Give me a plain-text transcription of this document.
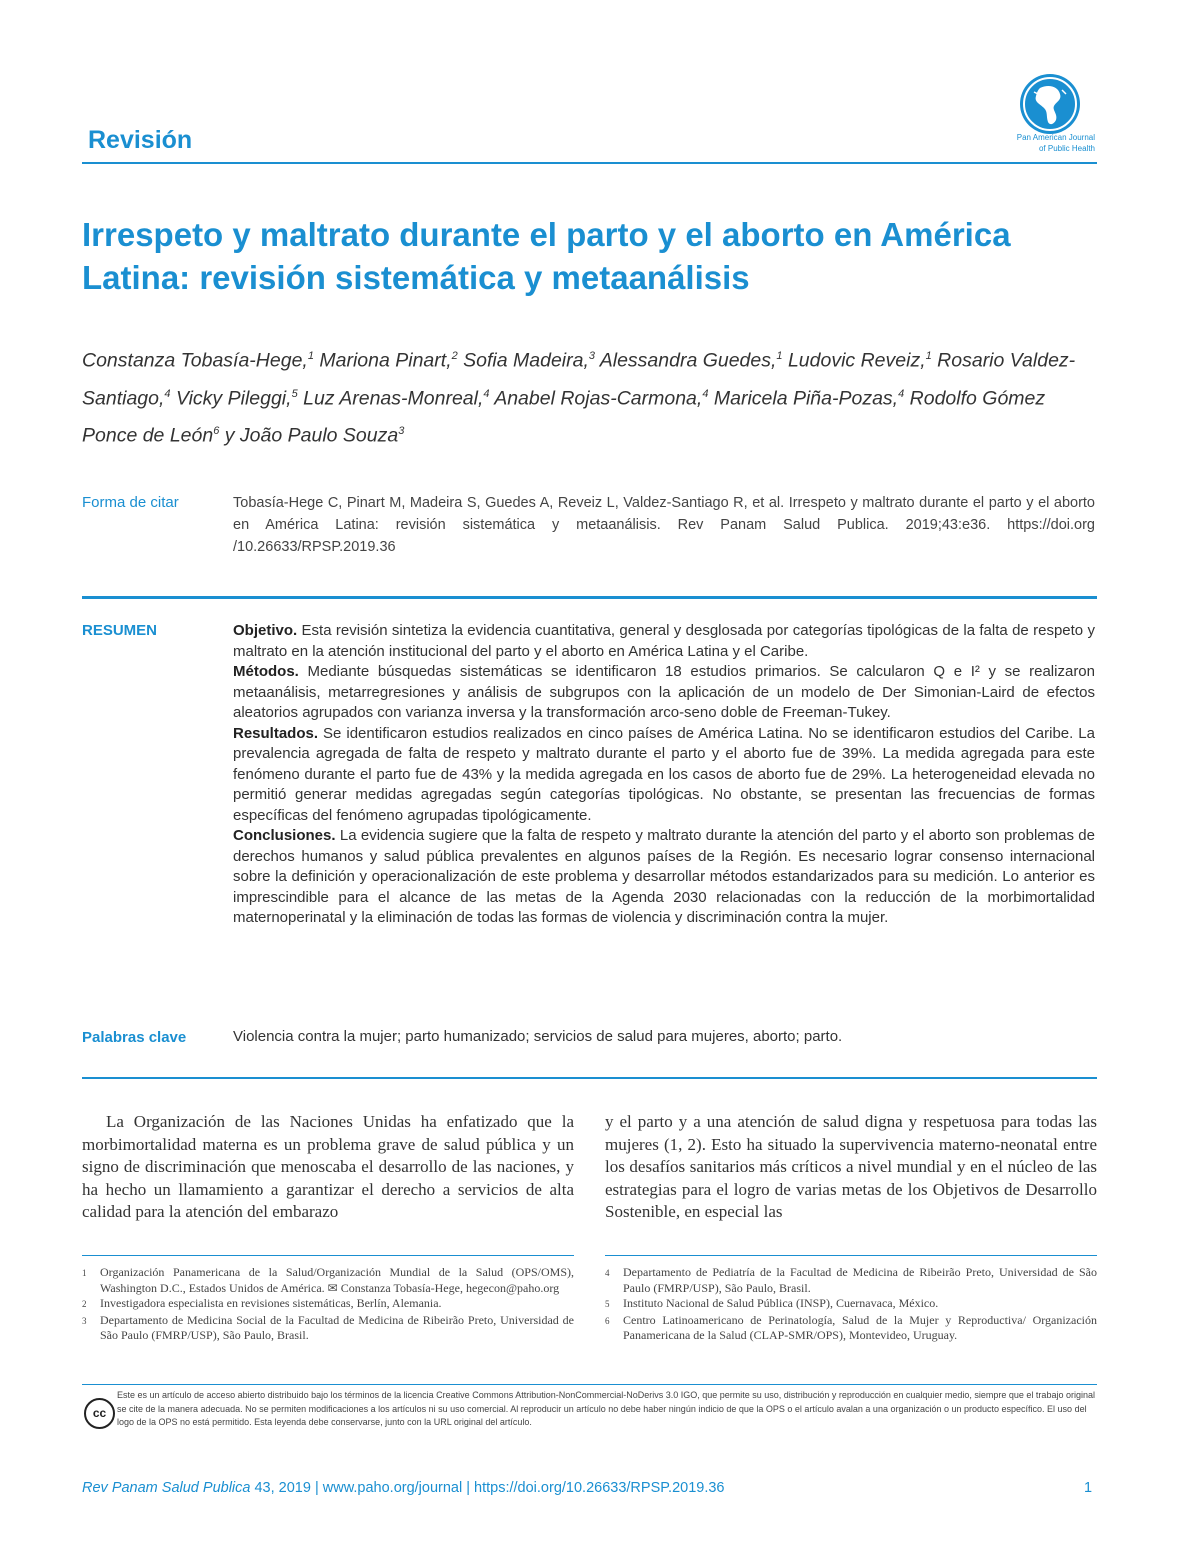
Revisión	Pan American Journal
of Public Health
Irrespeto y maltrato durante el parto y el aborto en América Latina: revisión sistemática y metaanálisis
Constanza Tobasía-Hege,$^1$ Mariona Pinart,$^2$ Sofia Madeira,$^3$ Alessandra Guedes,$^1$ Ludovic Reveiz,$^1$ Rosario Valdez-Santiago,$^4$ Vicky Pileggi,$^5$ Luz Arenas-Monreal,$^4$ Anabel Rojas-Carmona,$^4$ Maricela Piña-Pozas,$^4$ Rodolfo Gómez Ponce de León$^6$ y João Paulo Souza$^3$
Forma de citar	Tobasía-Hege C, Pinart M, Madeira S, Guedes A, Reveiz L, Valdez-Santiago R, et al. Irrespeto y maltrato durante el parto y el aborto en América Latina: revisión sistemática y metaanálisis. Rev Panam Salud Publica. 2019;43:e36. https://doi.org /10.26633/RPSP.2019.36
RESUMEN	Objetivo. Esta revisión sintetiza la evidencia cuantitativa, general y desglosada por categorías tipológicas de la falta de respeto y maltrato en la atención institucional del parto y el aborto en América Latina y el Caribe.

Métodos. Mediante búsquedas sistemáticas se identificaron 18 estudios primarios. Se calcularon Q e I² y se realizaron metaanálisis, metarregresiones y análisis de subgrupos con la aplicación de un modelo de Der Simonian-Laird de efectos aleatorios agrupados con varianza inversa y la transformación arco-seno doble de Freeman-Tukey.

Resultados. Se identificaron estudios realizados en cinco países de América Latina. No se identificaron estudios del Caribe. La prevalencia agregada de falta de respeto y maltrato durante el parto y el aborto fue de 39%. La medida agregada para este fenómeno durante el parto fue de 43% y la medida agregada en los casos de aborto fue de 29%. La heterogeneidad elevada no permitió generar medidas agregadas según categorías tipológicas. No obstante, se presentan las frecuencias de formas específicas del fenómeno agrupadas tipológicamente.

Conclusiones. La evidencia sugiere que la falta de respeto y maltrato durante la atención del parto y el aborto son problemas de derechos humanos y salud pública prevalentes en algunos países de la Región. Es necesario lograr consenso internacional sobre la definición y operacionalización de este problema y desarrollar métodos estandarizados para su medición. Lo anterior es imprescindible para el alcance de las metas de la Agenda 2030 relacionadas con la reducción de la morbimortalidad maternoperinatal y la eliminación de todas las formas de violencia y discriminación contra la mujer.

Palabras clave	Violencia contra la mujer; parto humanizado; servicios de salud para mujeres, aborto; parto.
La Organización de las Naciones Unidas ha enfatizado que la morbimortalidad materna es un problema grave de salud pública y un signo de discriminación que menoscaba el desarrollo de las naciones, y ha hecho un llamamiento a garantizar el derecho a servicios de alta calidad para la atención del embarazo
y el parto y a una atención de salud digna y respetuosa para todas las mujeres (1, 2). Esto ha situado la supervivencia materno-neonatal entre los desafíos sanitarios más críticos a nivel mundial y en el núcleo de las estrategias para el logro de varias metas de los Objetivos de Desarrollo Sostenible, en especial las
1	Organización Panamericana de la Salud/Organización Mundial de la Salud (OPS/OMS), Washington D.C., Estados Unidos de América. ✉ Constanza Tobasía-Hege, hegecon@paho.org
2	Investigadora especialista en revisiones sistemáticas, Berlín, Alemania.
3	Departamento de Medicina Social de la Facultad de Medicina de Ribeirão Preto, Universidad de São Paulo (FMRP/USP), São Paulo, Brasil.
4	Departamento de Pediatría de la Facultad de Medicina de Ribeirão Preto, Universidad de São Paulo (FMRP/USP), São Paulo, Brasil.
5	Instituto Nacional de Salud Pública (INSP), Cuernavaca, México.
6	Centro Latinoamericano de Perinatología, Salud de la Mujer y Reproductiva/ Organización Panamericana de la Salud (CLAP-SMR/OPS), Montevideo, Uruguay.
cc
Este es un artículo de acceso abierto distribuido bajo los términos de la licencia Creative Commons Attribution-NonCommercial-NoDerivs 3.0 IGO, que permite su uso, distribución y reproducción en cualquier medio, siempre que el trabajo original se cite de la manera adecuada. No se permiten modificaciones a los artículos ni su uso comercial. Al reproducir un artículo no debe haber ningún indicio de que la OPS o el artículo avalan a una organización o un producto específico. El uso del logo de la OPS no está permitido. Esta leyenda debe conservarse, junto con la URL original del artículo.
Rev Panam Salud Publica 43, 2019 | www.paho.org/journal | https://doi.org/10.26633/RPSP.2019.36	1
